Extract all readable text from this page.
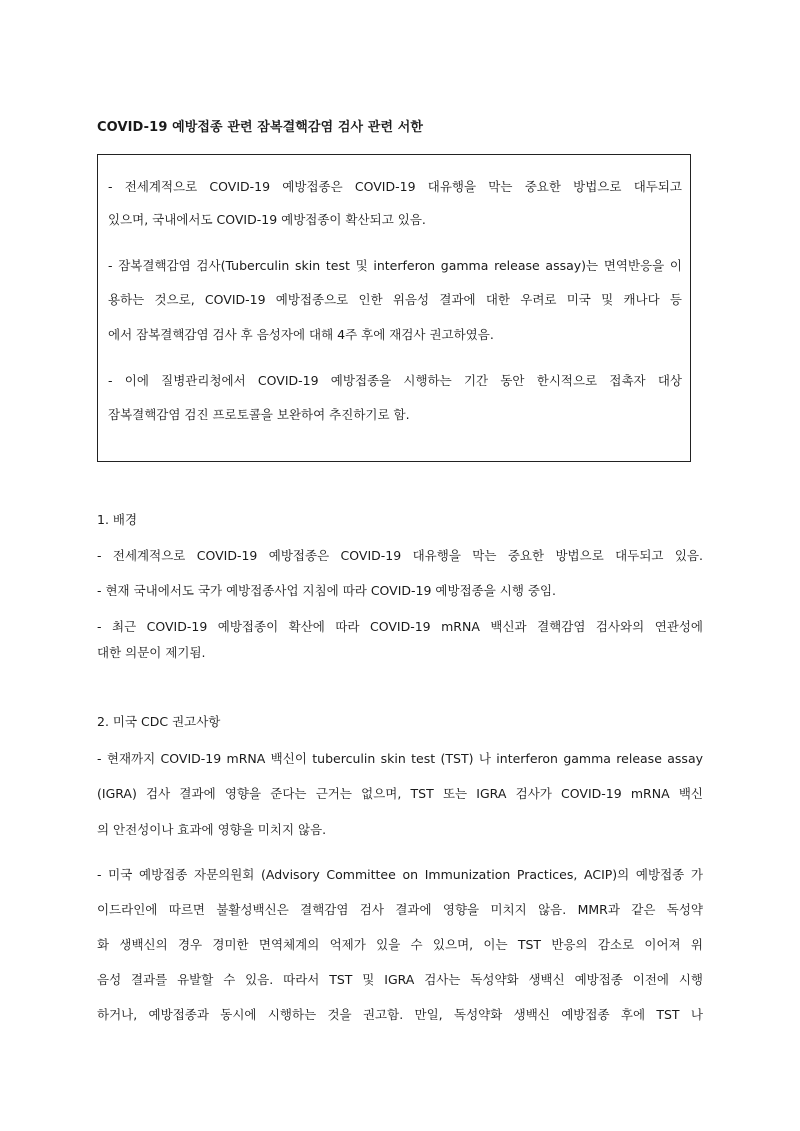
COVID-19 예방접종 관련 잠복결핵감염 검사 관련 서한
- 전세계적으로 COVID-19 예방접종은 COVID-19 대유행을 막는 중요한 방법으로 대두되고
있으며, 국내에서도 COVID-19 예방접종이 확산되고 있음.
- 잠복결핵감염 검사(Tuberculin skin test 및 interferon gamma release assay)는 면역반응을 이
용하는 것으로, COVID-19 예방접종으로 인한 위음성 결과에 대한 우려로 미국 및 캐나다 등
에서 잠복결핵감염 검사 후 음성자에 대해 4주 후에 재검사 권고하였음.
- 이에 질병관리청에서 COVID-19 예방접종을 시행하는 기간 동안 한시적으로 접촉자 대상
잠복결핵감염 검진 프로토콜을 보완하여 추진하기로 함.
1. 배경
- 전세계적으로 COVID-19 예방접종은 COVID-19 대유행을 막는 중요한 방법으로 대두되고 있음.
- 현재 국내에서도 국가 예방접종사업 지침에 따라 COVID-19 예방접종을 시행 중임.
- 최근 COVID-19 예방접종이 확산에 따라 COVID-19 mRNA 백신과 결핵감염 검사와의 연관성에
대한 의문이 제기됨.
2. 미국 CDC 권고사항
- 현재까지 COVID-19 mRNA 백신이 tuberculin skin test (TST) 나 interferon gamma release assay
(IGRA) 검사 결과에 영향을 준다는 근거는 없으며, TST 또는 IGRA 검사가 COVID-19 mRNA 백신
의 안전성이나 효과에 영향을 미치지 않음.
- 미국 예방접종 자문의원회 (Advisory Committee on Immunization Practices, ACIP)의 예방접종 가
이드라인에 따르면 불활성백신은 결핵감염 검사 결과에 영향을 미치지 않음. MMR과 같은 독성약
화 생백신의 경우 경미한 면역체계의 억제가 있을 수 있으며, 이는 TST 반응의 감소로 이어져 위
음성 결과를 유발할 수 있음. 따라서 TST 및 IGRA 검사는 독성약화 생백신 예방접종 이전에 시행
하거나, 예방접종과 동시에 시행하는 것을 권고함. 만일, 독성약화 생백신 예방접종 후에 TST 나
